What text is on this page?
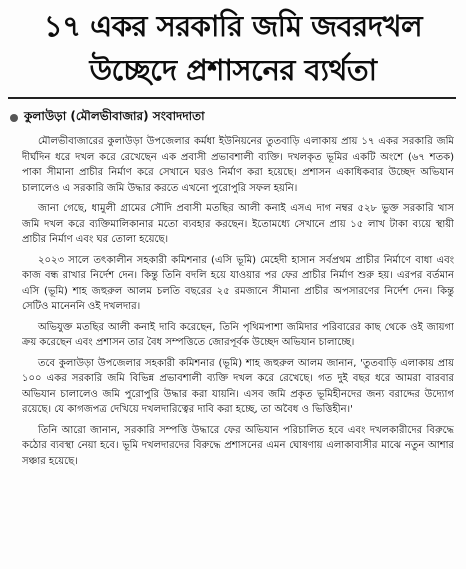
১৭ একর সরকারি জমি জবরদখল
উচ্ছেদে প্রশাসনের ব্যর্থতা
কুলাউড়া (মৌলভীবাজার) সংবাদদাতা

মৌলভীবাজারের কুলাউড়া উপজেলার কর্মধা ইউনিয়নের তুতবাড়ি এলাকায় প্রায় ১৭ একর সরকারি জমি দীর্ঘদিন ধরে দখল করে রেখেছেন এক প্রবাসী প্রভাবশালী ব্যক্তি। দখলকৃত ভূমির একটি অংশে (৬৭ শতক) পাকা সীমানা প্রাচীর নির্মাণ করে সেখানে ঘরও নির্মাণ করা হয়েছে। প্রশাসন একাধিকবার উচ্ছেদ অভিযান চালালেও এ সরকারি জমি উদ্ধার করতে এখনো পুরোপুরি সফল হয়নি।

জানা গেছে, ধামুলী গ্রামের সৌদি প্রবাসী মতছির আলী কনাই এসএ দাগ নম্বর ৫২৮ ভুক্ত সরকারি খাস জমি দখল করে ব্যক্তিমালিকানার মতো ব্যবহার করছেন। ইতোমধ্যে সেখানে প্রায় ১৫ লাখ টাকা ব্যয়ে স্থায়ী প্রাচীর নির্মাণ এবং ঘর তোলা হয়েছে।

২০২৩ সালে তৎকালীন সহকারী কমিশনার (এসি ভূমি) মেহেদী হাসান সর্বপ্রথম প্রাচীর নির্মাণে বাধা এবং কাজ বন্ধ রাখার নির্দেশ দেন। কিন্তু তিনি বদলি হয়ে যাওয়ার পর ফের প্রাচীর নির্মাণ শুরু হয়। এরপর বর্তমান এসি (ভূমি) শাহ জহুরুল আলম চলতি বছরের ২৫ রমজানে সীমানা প্রাচীর অপসারণের নির্দেশ দেন। কিন্তু সেটিও মানেননি ওই দখলদার।

অভিযুক্ত মতছির আলী কনাই দাবি করেছেন, তিনি পৃথিমপাশা জমিদার পরিবারের কাছ থেকে ওই জায়গা ক্রয় করেছেন এবং প্রশাসন তার বৈধ সম্পত্তিতে জোরপূর্বক উচ্ছেদ অভিযান চালাচ্ছে।

তবে কুলাউড়া উপজেলার সহকারী কমিশনার (ভূমি) শাহ জহুরুল আলম জানান, 'তুতবাড়ি এলাকায় প্রায় ১০০ একর সরকারি জমি বিভিন্ন প্রভাবশালী ব্যক্তি দখল করে রেখেছে। গত দুই বছর ধরে আমরা বারবার অভিযান চালালেও জমি পুরোপুরি উদ্ধার করা যায়নি। এসব জমি প্রকৃত ভূমিহীনদের জন্য বরাদ্দের উদ্যোগ রয়েছে। যে কাগজপত্র দেখিয়ে দখলদারিত্বের দাবি করা হচ্ছে, তা অবৈধ ও ভিত্তিহীন।'

তিনি আরো জানান, সরকারি সম্পত্তি উদ্ধারে ফের অভিযান পরিচালিত হবে এবং দখলকারীদের বিরুদ্ধে কঠোর ব্যবস্থা নেয়া হবে। ভূমি দখলদারদের বিরুদ্ধে প্রশাসনের এমন ঘোষণায় এলাকাবাসীর মাঝে নতুন আশার সঞ্চার হয়েছে।
